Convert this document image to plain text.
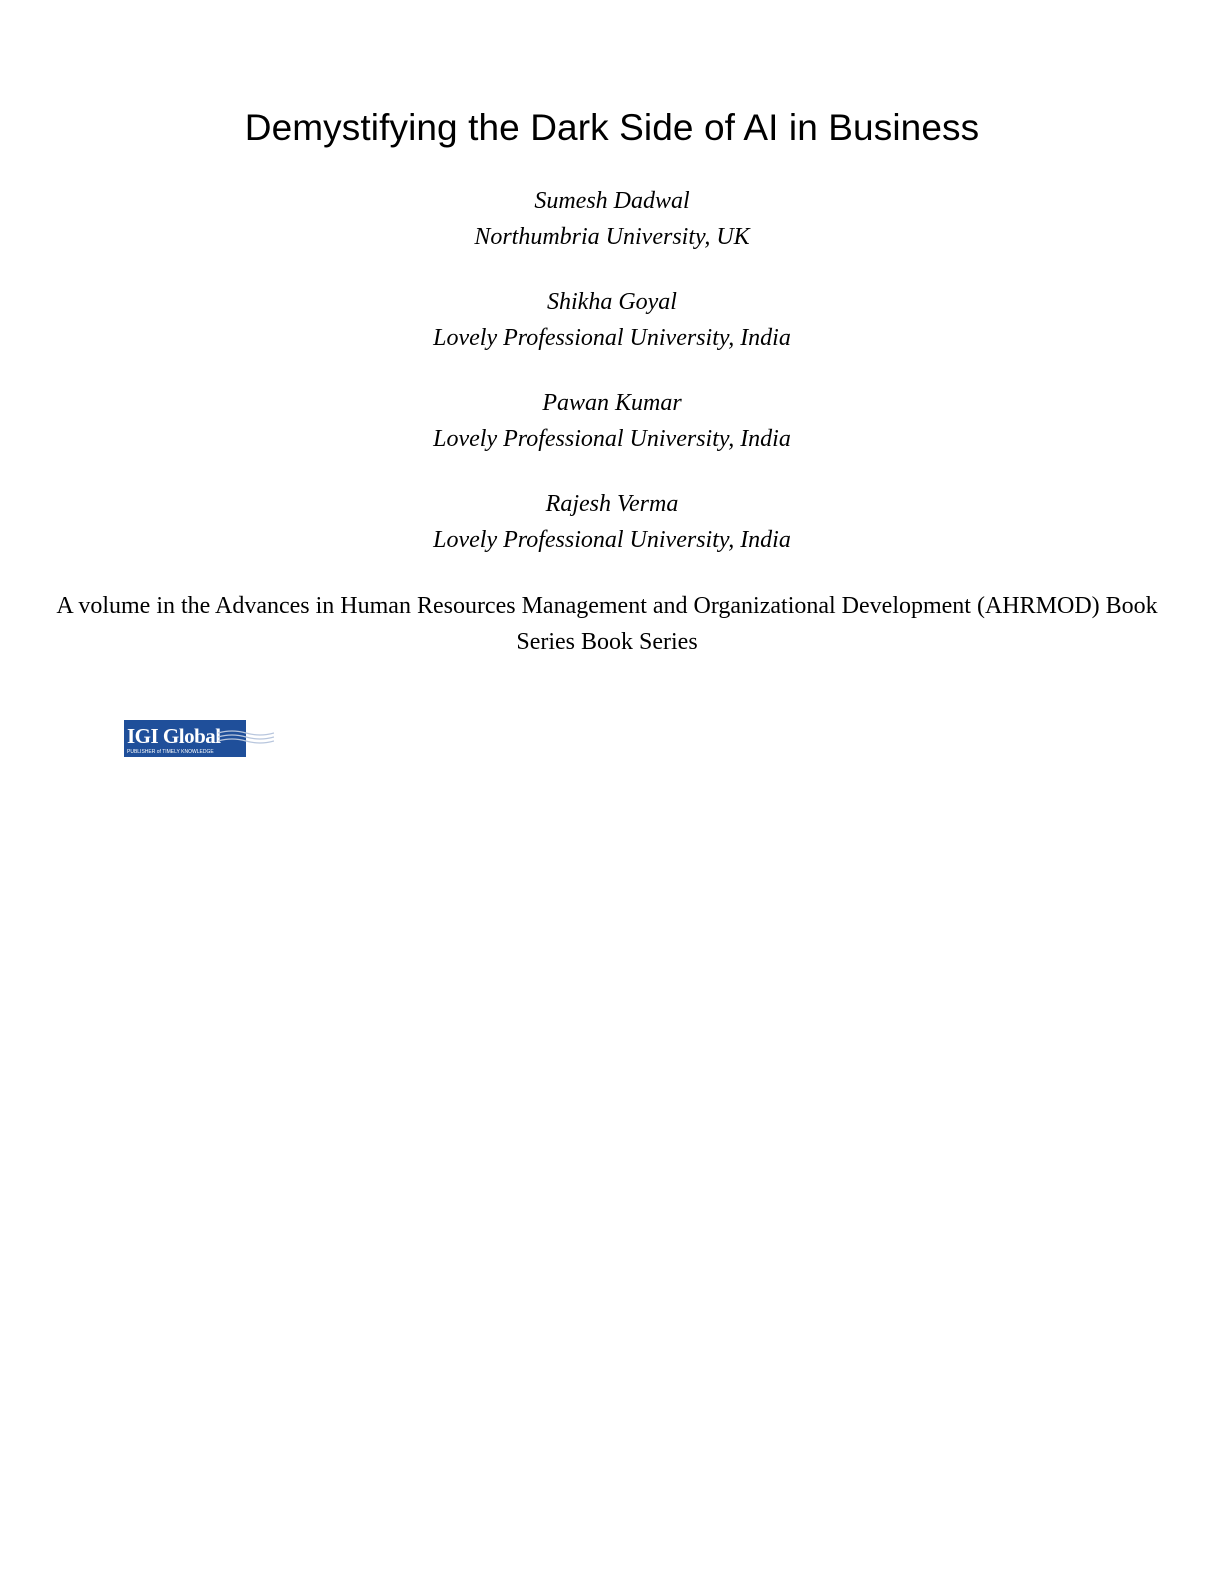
Demystifying the Dark Side of AI in Business
Sumesh Dadwal
Northumbria University, UK
Shikha Goyal
Lovely Professional University, India
Pawan Kumar
Lovely Professional University, India
Rajesh Verma
Lovely Professional University, India
A volume in the Advances in Human Resources Management and Organizational Development (AHRMOD) Book Series Book Series
IGI Global
PUBLISHER of TIMELY KNOWLEDGE
